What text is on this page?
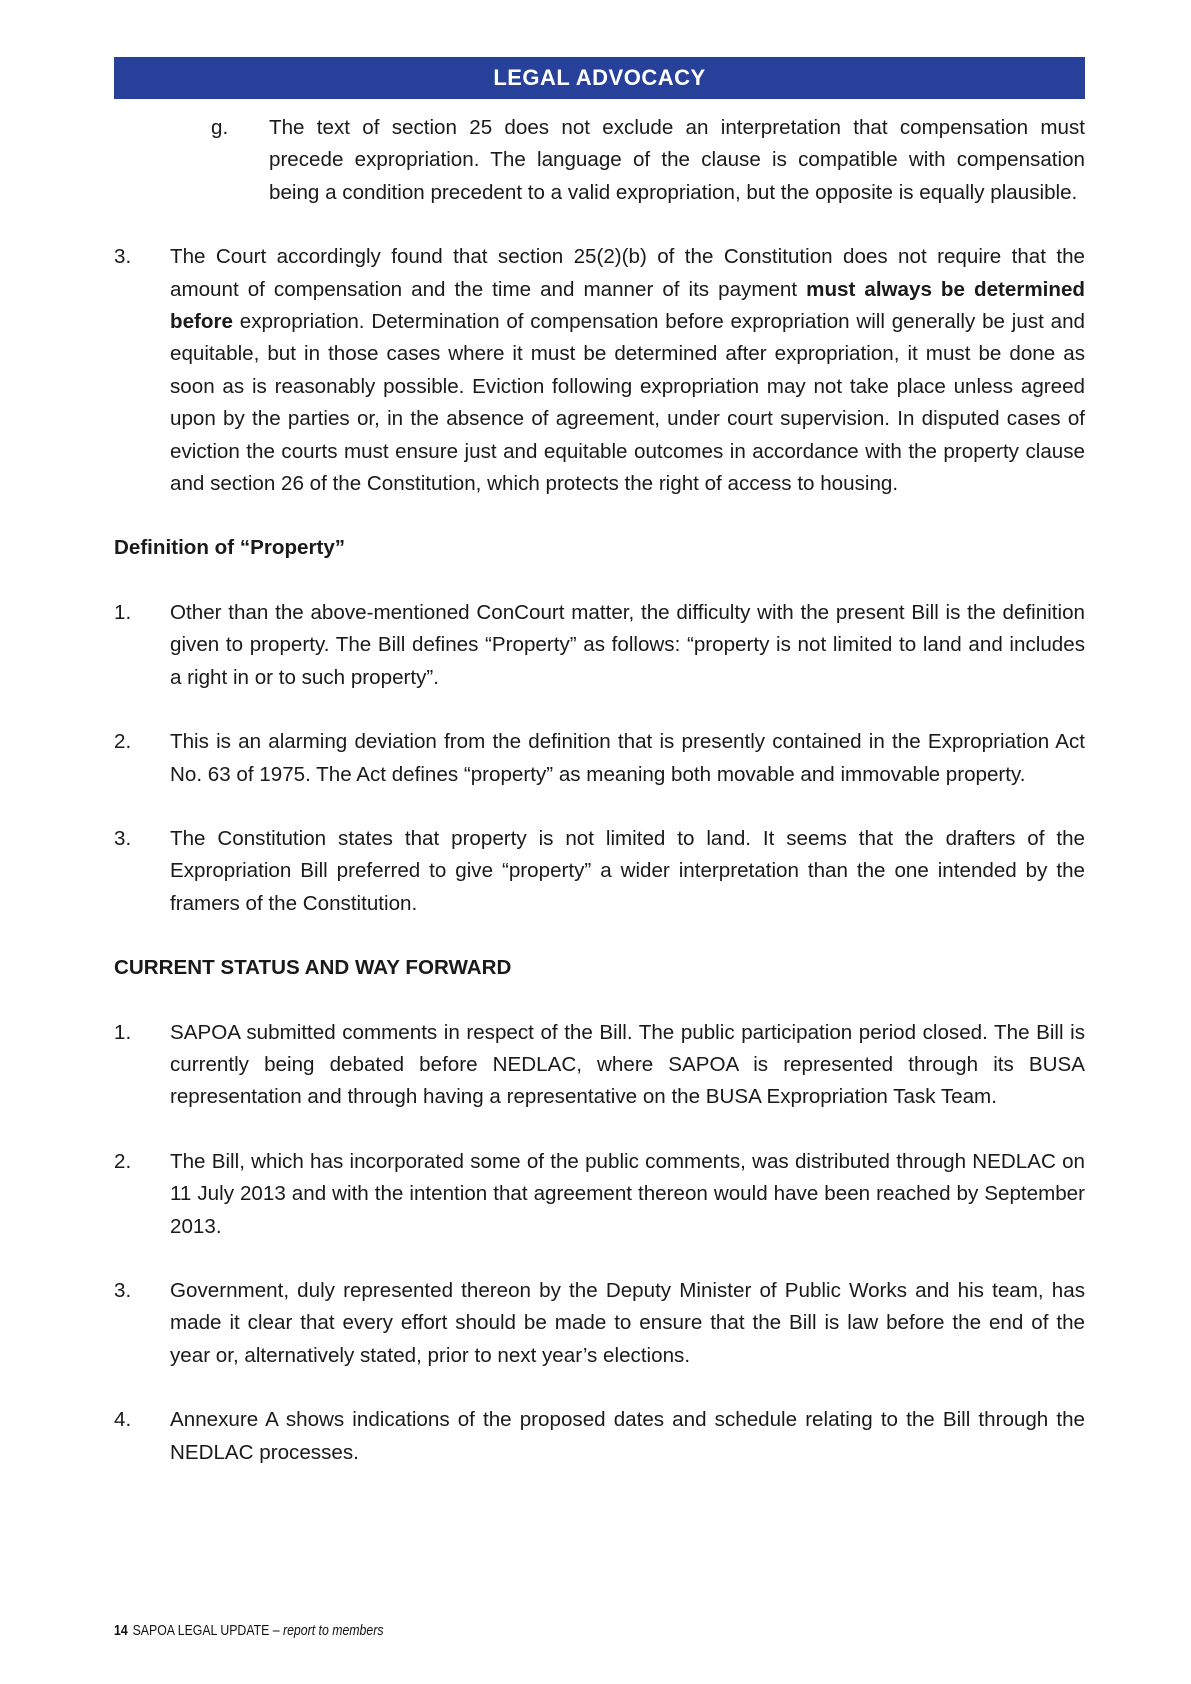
LEGAL ADVOCACY
g.	The text of section 25 does not exclude an interpretation that compensation must precede expropriation. The language of the clause is compatible with compensation being a condition precedent to a valid expropriation, but the opposite is equally plausible.
3.	The Court accordingly found that section 25(2)(b) of the Constitution does not require that the amount of compensation and the time and manner of its payment must always be determined before expropriation. Determination of compensation before expropriation will generally be just and equitable, but in those cases where it must be determined after expropriation, it must be done as soon as is reasonably possible. Eviction following expropriation may not take place unless agreed upon by the parties or, in the absence of agreement, under court supervision. In disputed cases of eviction the courts must ensure just and equitable outcomes in accordance with the property clause and section 26 of the Constitution, which protects the right of access to housing.
Definition of “Property”
1.	Other than the above-mentioned ConCourt matter, the difficulty with the present Bill is the definition given to property. The Bill defines “Property” as follows: “property is not limited to land and includes a right in or to such property”.
2.	This is an alarming deviation from the definition that is presently contained in the Expropriation Act No. 63 of 1975. The Act defines “property” as meaning both movable and immovable property.
3.	The Constitution states that property is not limited to land. It seems that the drafters of the Expropriation Bill preferred to give “property” a wider interpretation than the one intended by the framers of the Constitution.
CURRENT STATUS AND WAY FORWARD
1.	SAPOA submitted comments in respect of the Bill. The public participation period closed. The Bill is currently being debated before NEDLAC, where SAPOA is represented through its BUSA representation and through having a representative on the BUSA Expropriation Task Team.
2.	The Bill, which has incorporated some of the public comments, was distributed through NEDLAC on 11 July 2013 and with the intention that agreement thereon would have been reached by September 2013.
3.	Government, duly represented thereon by the Deputy Minister of Public Works and his team, has made it clear that every effort should be made to ensure that the Bill is law before the end of the year or, alternatively stated, prior to next year’s elections.
4.	Annexure A shows indications of the proposed dates and schedule relating to the Bill through the NEDLAC processes.
14 SAPOA LEGAL UPDATE – report to members
